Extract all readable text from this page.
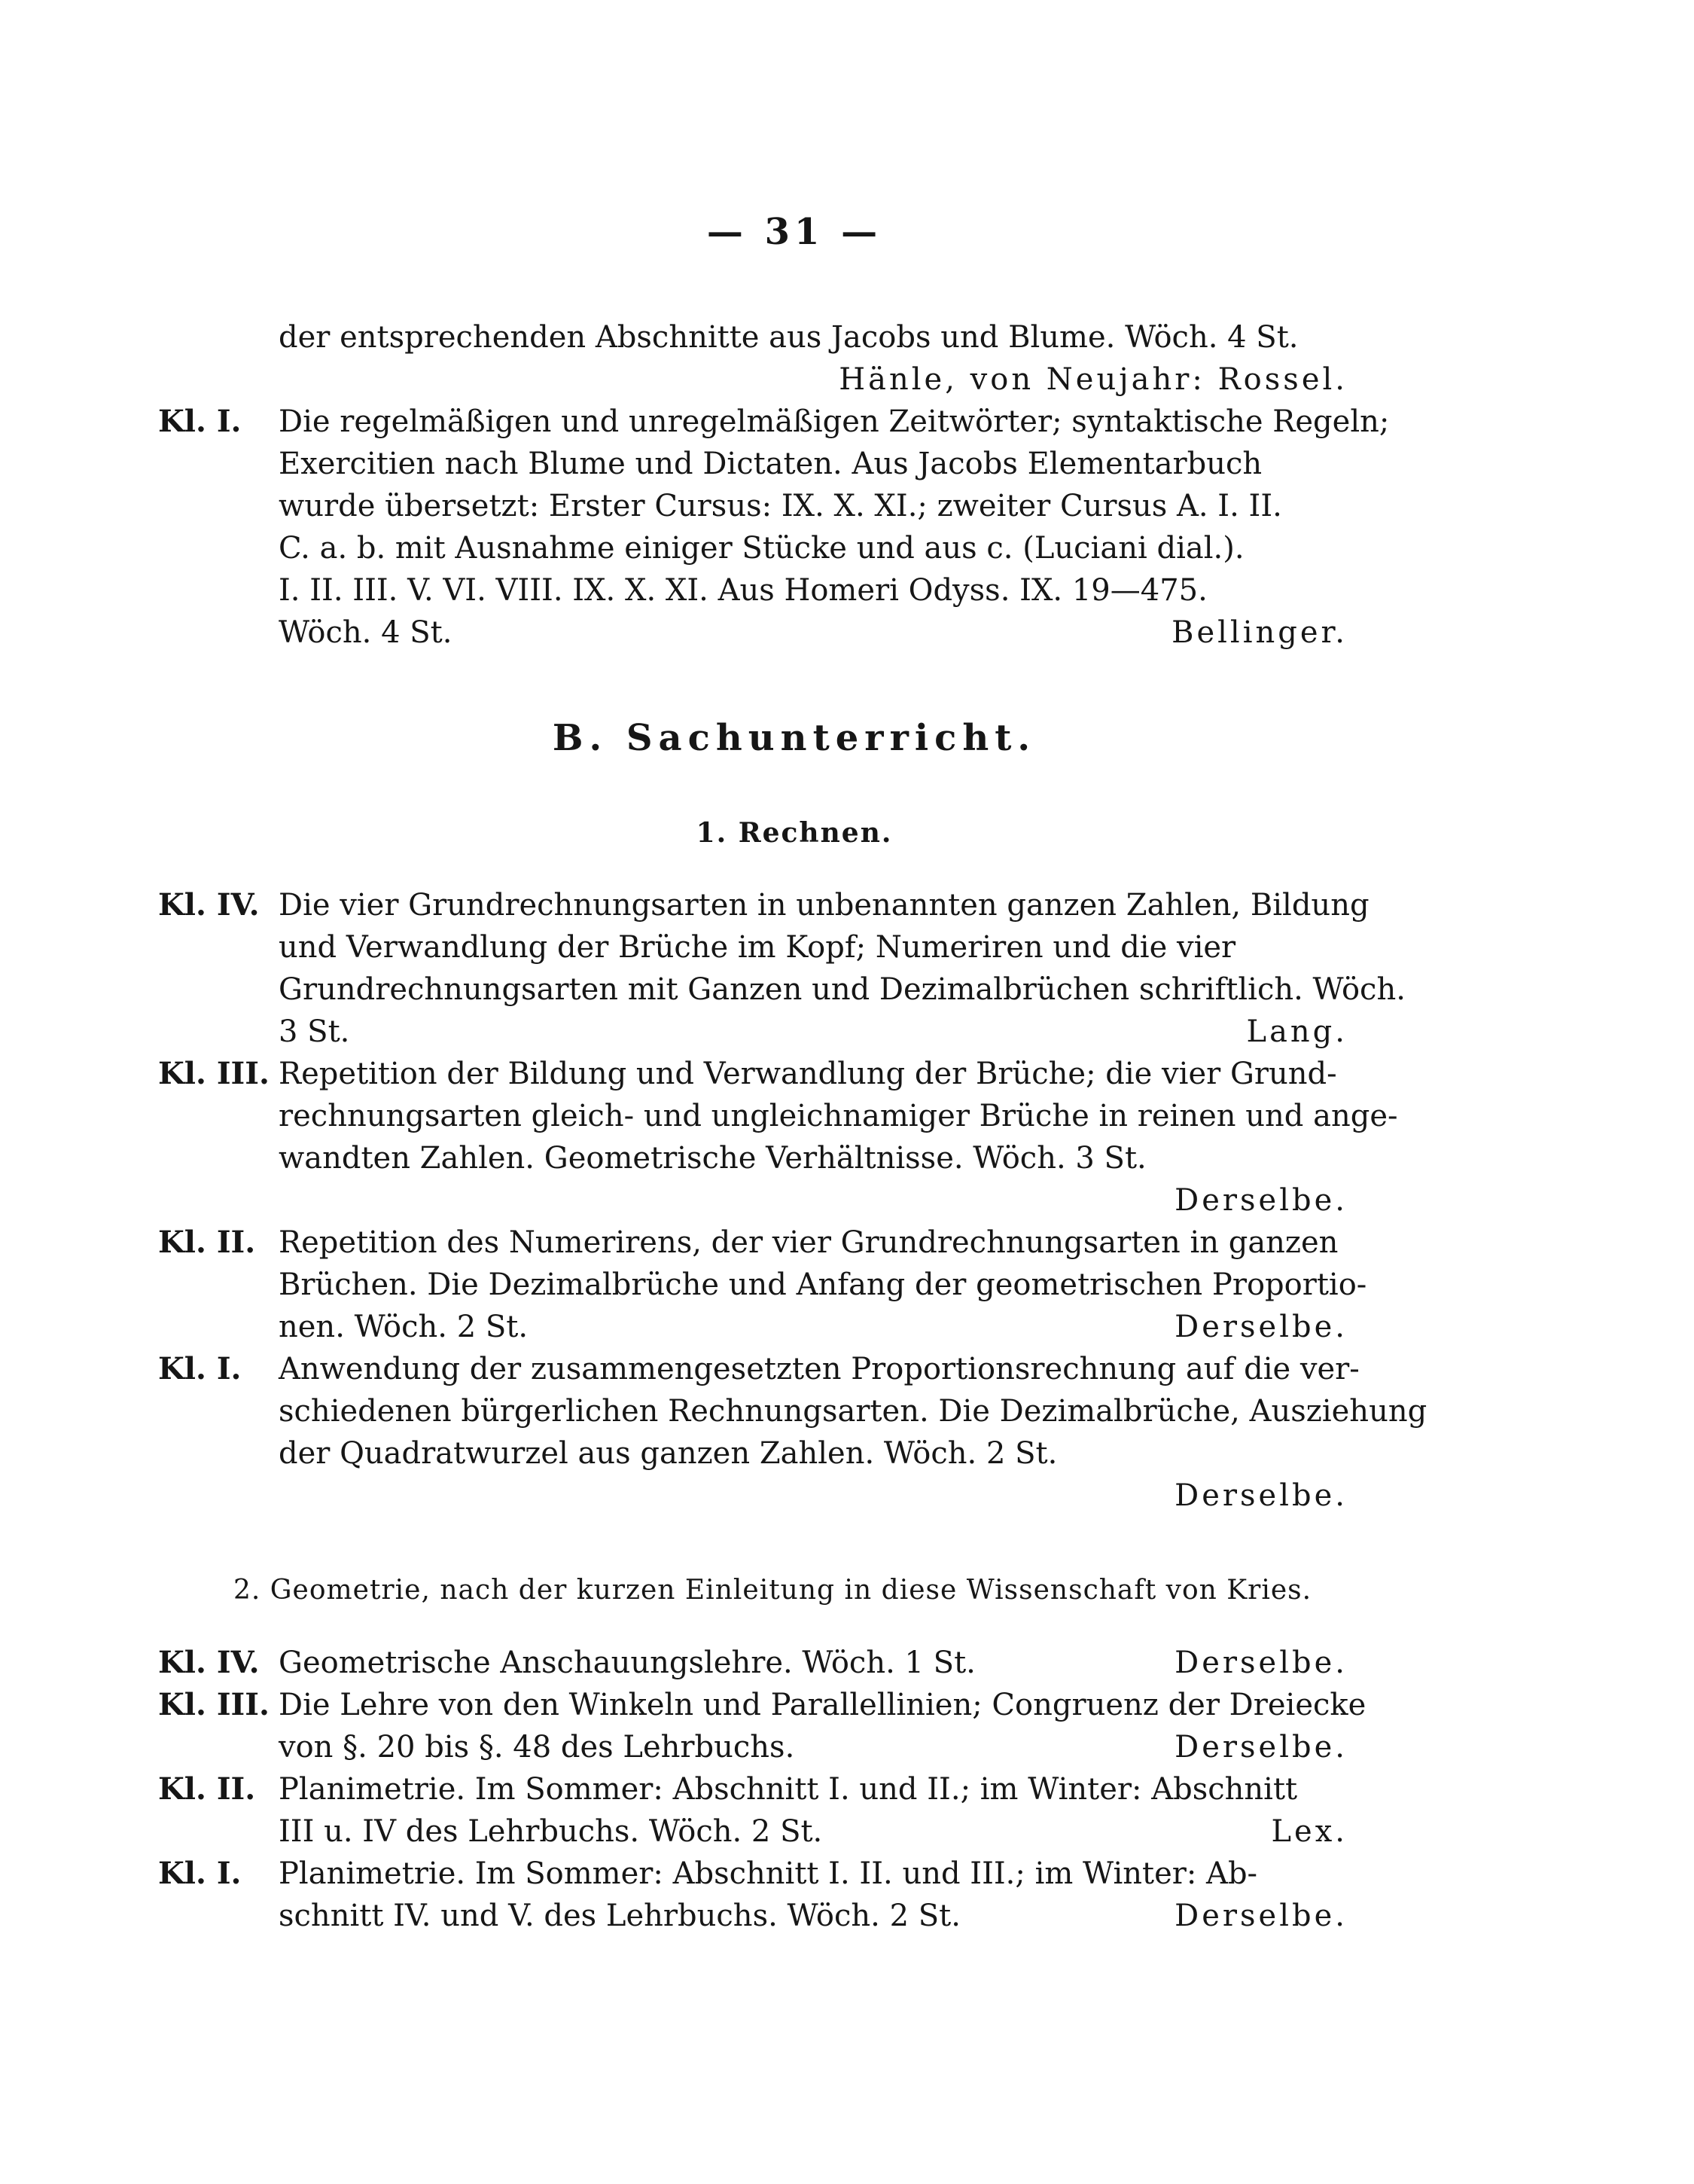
— 31 —
der entsprechenden Abschnitte aus Jacobs und Blume. Wöch. 4 St.
Hänle, von Neujahr: Rossel.
Kl. I.	Die regelmäßigen und unregelmäßigen Zeitwörter; syntaktische Regeln;
Exercitien nach Blume und Dictaten. Aus Jacobs Elementarbuch
wurde übersetzt: Erster Cursus: IX. X. XI.; zweiter Cursus A. I. II.
C. a. b. mit Ausnahme einiger Stücke und aus c. (Luciani dial.).
I. II. III. V. VI. VIII. IX. X. XI. Aus Homeri Odyss. IX. 19—475.
Wöch. 4 St.	Bellinger.
B. Sachunterricht.
1. Rechnen.
Kl. IV. Die vier Grundrechnungsarten in unbenannten ganzen Zahlen, Bildung
und Verwandlung der Brüche im Kopf; Numeriren und die vier
Grundrechnungsarten mit Ganzen und Dezimalbrüchen schriftlich. Wöch.
3 St.	Lang.
Kl. III. Repetition der Bildung und Verwandlung der Brüche; die vier Grund-
rechnungsarten gleich- und ungleichnamiger Brüche in reinen und ange-
wandten Zahlen. Geometrische Verhältnisse. Wöch. 3 St.
Derselbe.
Kl. II. Repetition des Numerirens, der vier Grundrechnungsarten in ganzen
Brüchen. Die Dezimalbrüche und Anfang der geometrischen Proportio-
nen. Wöch. 2 St.	Derselbe.
Kl. I.	Anwendung der zusammengesetzten Proportionsrechnung auf die ver-
schiedenen bürgerlichen Rechnungsarten. Die Dezimalbrüche, Ausziehung
der Quadratwurzel aus ganzen Zahlen. Wöch. 2 St.
Derselbe.
2. Geometrie, nach der kurzen Einleitung in diese Wissenschaft von Kries.
Kl. IV. Geometrische Anschauungslehre. Wöch. 1 St.	Derselbe.
Kl. III. Die Lehre von den Winkeln und Parallellinien; Congruenz der Dreiecke
von §. 20 bis §. 48 des Lehrbuchs.	Derselbe.
Kl. II. Planimetrie. Im Sommer: Abschnitt I. und II.; im Winter: Abschnitt
III u. IV des Lehrbuchs. Wöch. 2 St.	Lex.
Kl. I.	Planimetrie. Im Sommer: Abschnitt I. II. und III.; im Winter: Ab-
schnitt IV. und V. des Lehrbuchs. Wöch. 2 St.	Derselbe.
